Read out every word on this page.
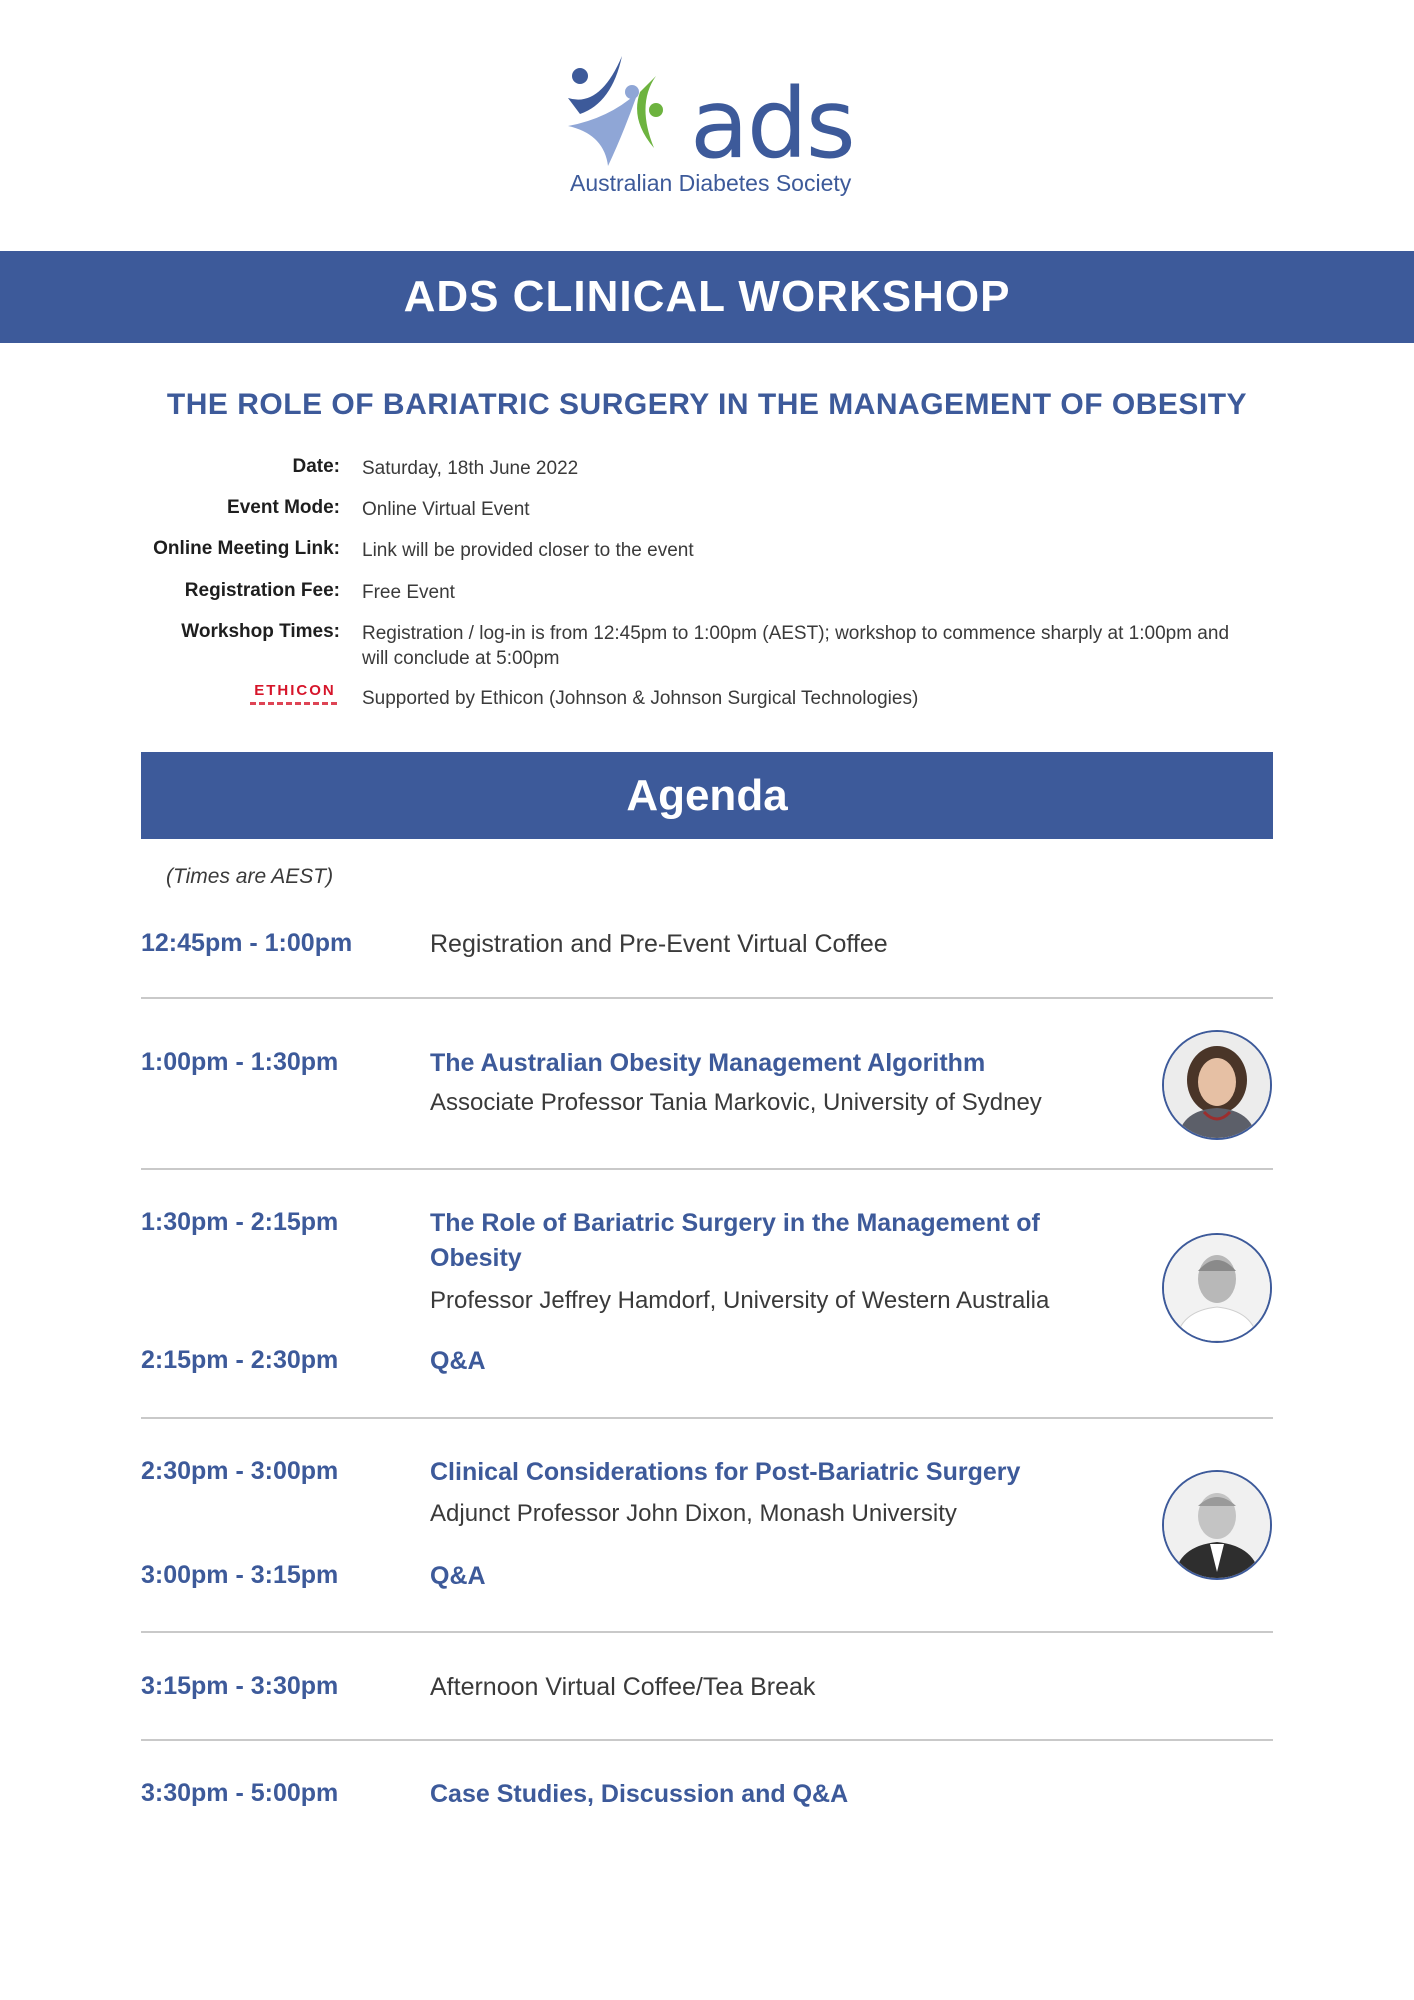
ads
Australian Diabetes Society
ADS CLINICAL WORKSHOP
THE ROLE OF BARIATRIC SURGERY IN THE MANAGEMENT OF OBESITY
Date: Saturday, 18th June 2022
Event Mode: Online Virtual Event
Online Meeting Link: Link will be provided closer to the event
Registration Fee: Free Event
Workshop Times: Registration / log-in is from 12:45pm to 1:00pm (AEST); workshop to commence sharply at 1:00pm and will conclude at 5:00pm
ETHICON Supported by Ethicon (Johnson & Johnson Surgical Technologies)
Agenda
(Times are AEST)
12:45pm - 1:00pm	Registration and Pre-Event Virtual Coffee
1:00pm - 1:30pm	The Australian Obesity Management Algorithm
Associate Professor Tania Markovic, University of Sydney
1:30pm - 2:15pm	The Role of Bariatric Surgery in the Management of Obesity
Professor Jeffrey Hamdorf, University of Western Australia
2:15pm - 2:30pm	Q&A
2:30pm - 3:00pm	Clinical Considerations for Post-Bariatric Surgery
Adjunct Professor John Dixon, Monash University
3:00pm - 3:15pm	Q&A
3:15pm - 3:30pm	Afternoon Virtual Coffee/Tea Break
3:30pm - 5:00pm	Case Studies, Discussion and Q&A
